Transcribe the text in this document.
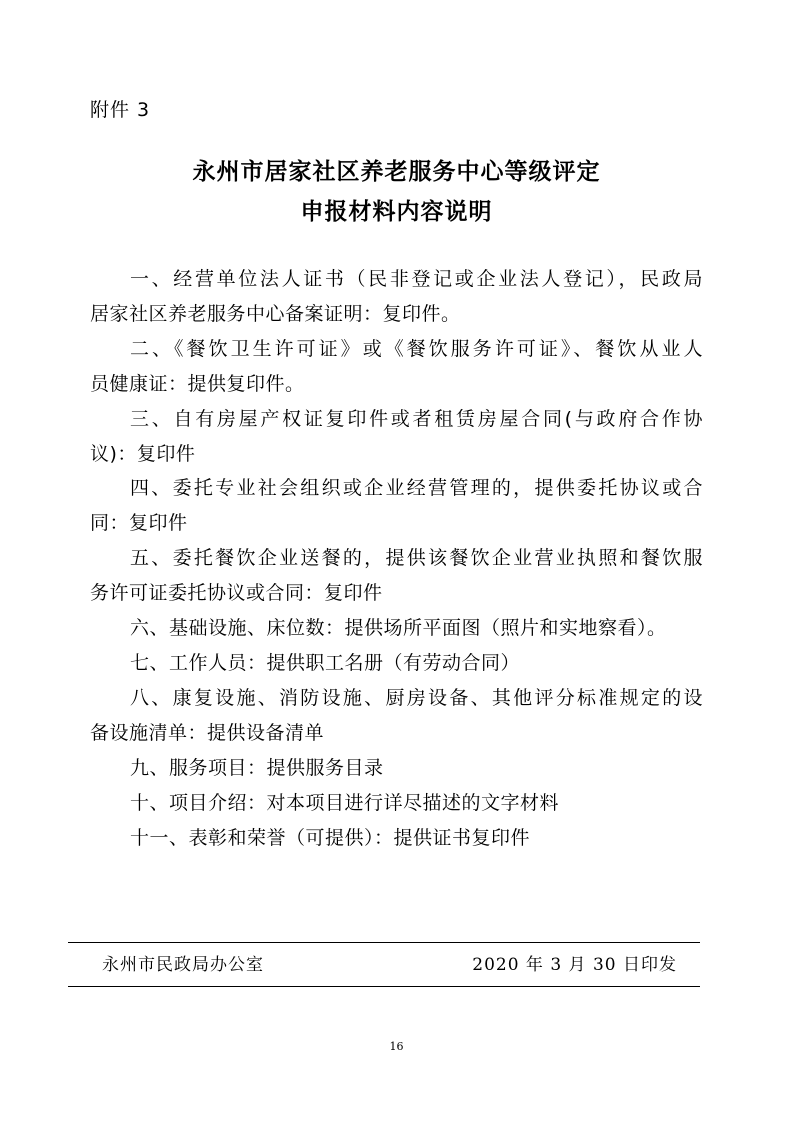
附件 3
永州市居家社区养老服务中心等级评定
申报材料内容说明
一、经营单位法人证书（民非登记或企业法人登记），民政局
居家社区养老服务中心备案证明：复印件。
二、《餐饮卫生许可证》或《餐饮服务许可证》、餐饮从业人
员健康证：提供复印件。
三、自有房屋产权证复印件或者租赁房屋合同(与政府合作协
议)：复印件
四、委托专业社会组织或企业经营管理的，提供委托协议或合
同：复印件
五、委托餐饮企业送餐的，提供该餐饮企业营业执照和餐饮服
务许可证委托协议或合同：复印件
六、基础设施、床位数：提供场所平面图（照片和实地察看）。
七、工作人员：提供职工名册（有劳动合同）
八、康复设施、消防设施、厨房设备、其他评分标准规定的设
备设施清单：提供设备清单
九、服务项目：提供服务目录
十、项目介绍：对本项目进行详尽描述的文字材料
十一、表彰和荣誉（可提供）：提供证书复印件
永州市民政局办公室	2020 年 3 月 30 日印发
16
